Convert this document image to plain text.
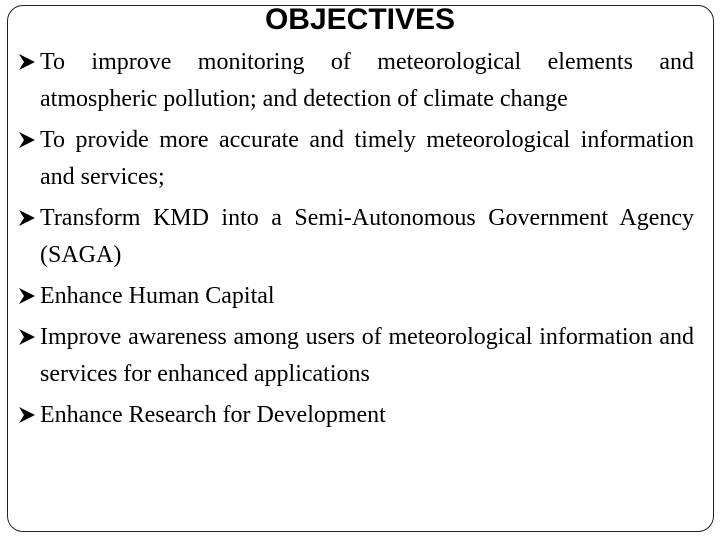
OBJECTIVES
To improve monitoring of meteorological elements and atmospheric pollution; and detection of climate change
To provide more accurate and timely meteorological information and services;
Transform KMD into a Semi-Autonomous Government Agency (SAGA)
Enhance Human Capital
Improve awareness among users of meteorological information and services for enhanced applications
Enhance Research for Development
